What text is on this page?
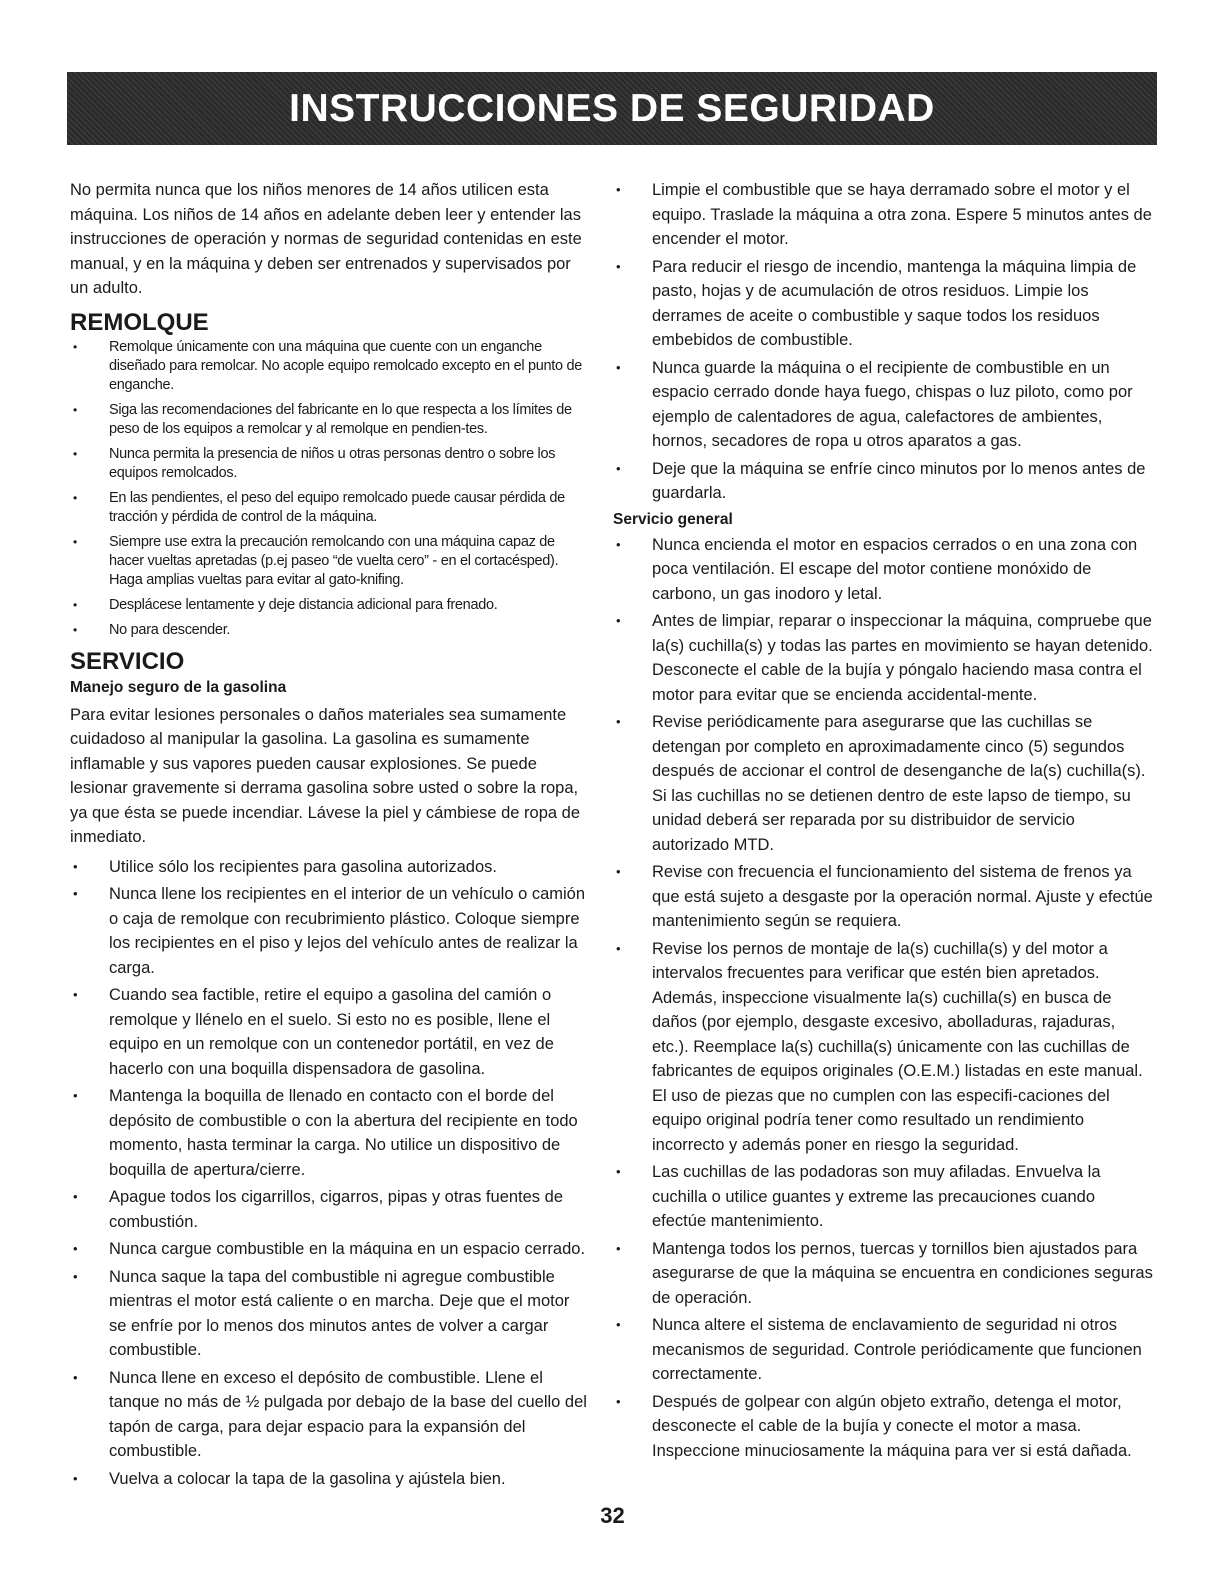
INSTRUCCIONES DE SEGURIDAD

No permita nunca que los niños menores de 14 años utilicen esta máquina. Los niños de 14 años en adelante deben leer y entender las instrucciones de operación y normas de seguridad contenidas en este manual, y en la máquina y deben ser entrenados y supervisados por un adulto.

REMOLQUE
• Remolque únicamente con una máquina que cuente con un enganche diseñado para remolcar. No acople equipo remolcado excepto en el punto de enganche.
• Siga las recomendaciones del fabricante en lo que respecta a los límites de peso de los equipos a remolcar y al remolque en pendien-tes.
• Nunca permita la presencia de niños u otras personas dentro o sobre los equipos remolcados.
• En las pendientes, el peso del equipo remolcado puede causar pérdida de tracción y pérdida de control de la máquina.
• Siempre use extra la precaución remolcando con una máquina capaz de hacer vueltas apretadas (p.ej paseo “de vuelta cero” - en el cortacésped). Haga amplias vueltas para evitar al gato-knifing.
• Desplácese lentamente y deje distancia adicional para frenado.
• No para descender.
SERVICIO
Manejo seguro de la gasolina

Para evitar lesiones personales o daños materiales sea sumamente cuidadoso al manipular la gasolina. La gasolina es sumamente inflamable y sus vapores pueden causar explosiones. Se puede lesionar gravemente si derrama gasolina sobre usted o sobre la ropa, ya que ésta se puede incendiar. Lávese la piel y cámbiese de ropa de inmediato.

• Utilice sólo los recipientes para gasolina autorizados.
• Nunca llene los recipientes en el interior de un vehículo o camión o caja de remolque con recubrimiento plástico. Coloque siempre los recipientes en el piso y lejos del vehículo antes de realizar la carga.
• Cuando sea factible, retire el equipo a gasolina del camión o remolque y llénelo en el suelo. Si esto no es posible, llene el equipo en un remolque con un contenedor portátil, en vez de hacerlo con una boquilla dispensadora de gasolina.
• Mantenga la boquilla de llenado en contacto con el borde del depósito de combustible o con la abertura del recipiente en todo momento, hasta terminar la carga. No utilice un dispositivo de boquilla de apertura/cierre.
• Apague todos los cigarrillos, cigarros, pipas y otras fuentes de combustión.
• Nunca cargue combustible en la máquina en un espacio cerrado.
• Nunca saque la tapa del combustible ni agregue combustible mientras el motor está caliente o en marcha. Deje que el motor se enfríe por lo menos dos minutos antes de volver a cargar combustible.
• Nunca llene en exceso el depósito de combustible. Llene el tanque no más de ½ pulgada por debajo de la base del cuello del tapón de carga, para dejar espacio para la expansión del combustible.
• Vuelva a colocar la tapa de la gasolina y ajústela bien.
• Limpie el combustible que se haya derramado sobre el motor y el equipo. Traslade la máquina a otra zona. Espere 5 minutos antes de encender el motor.
• Para reducir el riesgo de incendio, mantenga la máquina limpia de pasto, hojas y de acumulación de otros residuos. Limpie los derrames de aceite o combustible y saque todos los residuos embebidos de combustible.
• Nunca guarde la máquina o el recipiente de combustible en un espacio cerrado donde haya fuego, chispas o luz piloto, como por ejemplo de calentadores de agua, calefactores de ambientes, hornos, secadores de ropa u otros aparatos a gas.
• Deje que la máquina se enfríe cinco minutos por lo menos antes de guardarla.
Servicio general
• Nunca encienda el motor en espacios cerrados o en una zona con poca ventilación. El escape del motor contiene monóxido de carbono, un gas inodoro y letal.
• Antes de limpiar, reparar o inspeccionar la máquina, compruebe que la(s) cuchilla(s) y todas las partes en movimiento se hayan detenido. Desconecte el cable de la bujía y póngalo haciendo masa contra el motor para evitar que se encienda accidental-mente.
• Revise periódicamente para asegurarse que las cuchillas se detengan por completo en aproximadamente cinco (5) segundos después de accionar el control de desenganche de la(s) cuchilla(s). Si las cuchillas no se detienen dentro de este lapso de tiempo, su unidad deberá ser reparada por su distribuidor de servicio autorizado MTD.
• Revise con frecuencia el funcionamiento del sistema de frenos ya que está sujeto a desgaste por la operación normal. Ajuste y efectúe mantenimiento según se requiera.
• Revise los pernos de montaje de la(s) cuchilla(s) y del motor a intervalos frecuentes para verificar que estén bien apretados. Además, inspeccione visualmente la(s) cuchilla(s) en busca de daños (por ejemplo, desgaste excesivo, abolladuras, rajaduras, etc.). Reemplace la(s) cuchilla(s) únicamente con las cuchillas de fabricantes de equipos originales (O.E.M.) listadas en este manual. El uso de piezas que no cumplen con las especifi-caciones del equipo original podría tener como resultado un rendimiento incorrecto y además poner en riesgo la seguridad.
• Las cuchillas de las podadoras son muy afiladas. Envuelva la cuchilla o utilice guantes y extreme las precauciones cuando efectúe mantenimiento.
• Mantenga todos los pernos, tuercas y tornillos bien ajustados para asegurarse de que la máquina se encuentra en condiciones seguras de operación.
• Nunca altere el sistema de enclavamiento de seguridad ni otros mecanismos de seguridad. Controle periódicamente que funcionen correctamente.
• Después de golpear con algún objeto extraño, detenga el motor, desconecte el cable de la bujía y conecte el motor a masa. Inspeccione minuciosamente la máquina para ver si está dañada.
32
